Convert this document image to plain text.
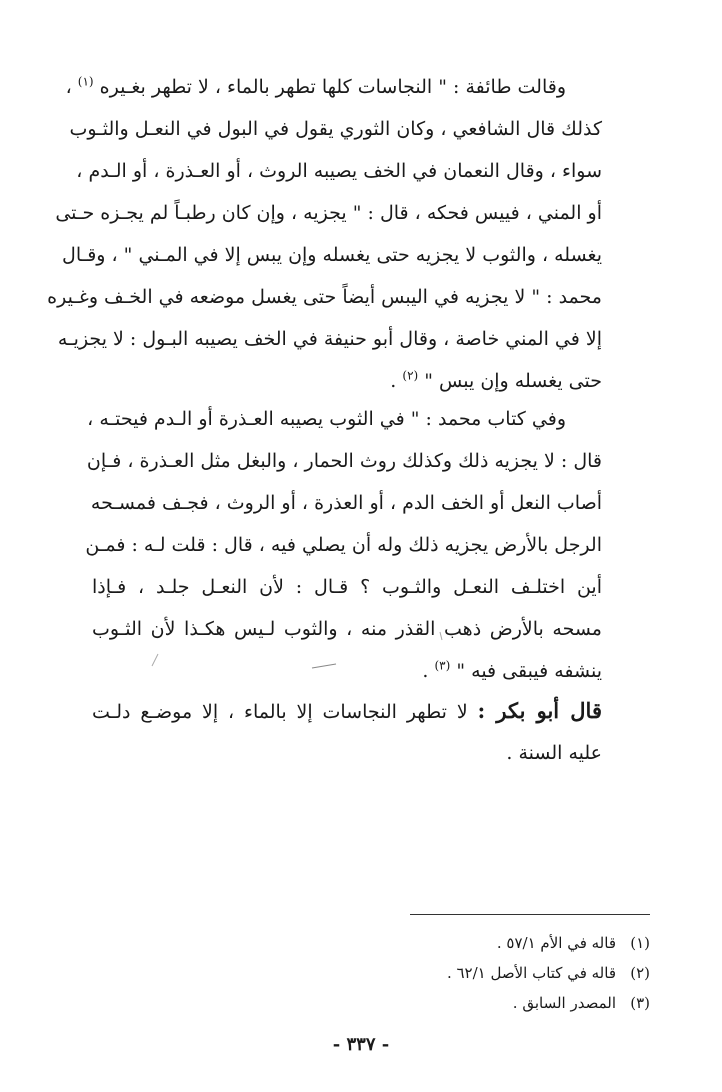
وقالت طائفة : " النجاسات كلها تطهر بالماء ، لا تطهر بغـيره $^{(١)}$ ،
كذلك قال الشافعي ، وكان الثوري يقول في البول في النعـل والثـوب
سواء ، وقال النعمان في الخف يصيبه الروث ، أو العـذرة ، أو الـدم ،
أو المني ، فييس فحكه ، قال : " يجزيه ، وإن كان رطبـاً لم يجـزه حـتى
يغسله ، والثوب لا يجزيه حتى يغسله وإن يبس إلا في المـني " ، وقـال
محمد : " لا يجزيه في اليبس أيضاً حتى يغسل موضعه في الخـف وغـيره
إلا في المني خاصة ، وقال أبو حنيفة في الخف يصيبه البـول : لا يجزيـه
حتى يغسله وإن يبس " $^{(٢)}$ .
وفي كتاب محمد : " في الثوب يصيبه العـذرة أو الـدم فيحتـه ،
قال : لا يجزيه ذلك وكذلك روث الحمار ، والبغل مثل العـذرة ، فـإن
أصاب النعل أو الخف الدم ، أو العذرة ، أو الروث ، فجـف فمسـحه
الرجل بالأرض يجزيه ذلك وله أن يصلي فيه ، قال : قلت لـه : فمـن
أين اختلـف النعـل والثـوب ؟ قـال : لأن النعـل جلـد ، فـإذا
مسحه بالأرض ذهب القذر منه ، والثوب لـيس هكـذا لأن الثـوب
ينشفه فيبقى فيه " $^{(٣)}$ .
قال أبو بكر : لا تطهر النجاسات إلا بالماء ، إلا موضـع دلـت
عليه السنة .
(١)قاله في الأم ٥٧/١ .
(٢)قاله في كتاب الأصل ٦٢/١ .
(٣)المصدر السابق .
- ٣٣٧ -
